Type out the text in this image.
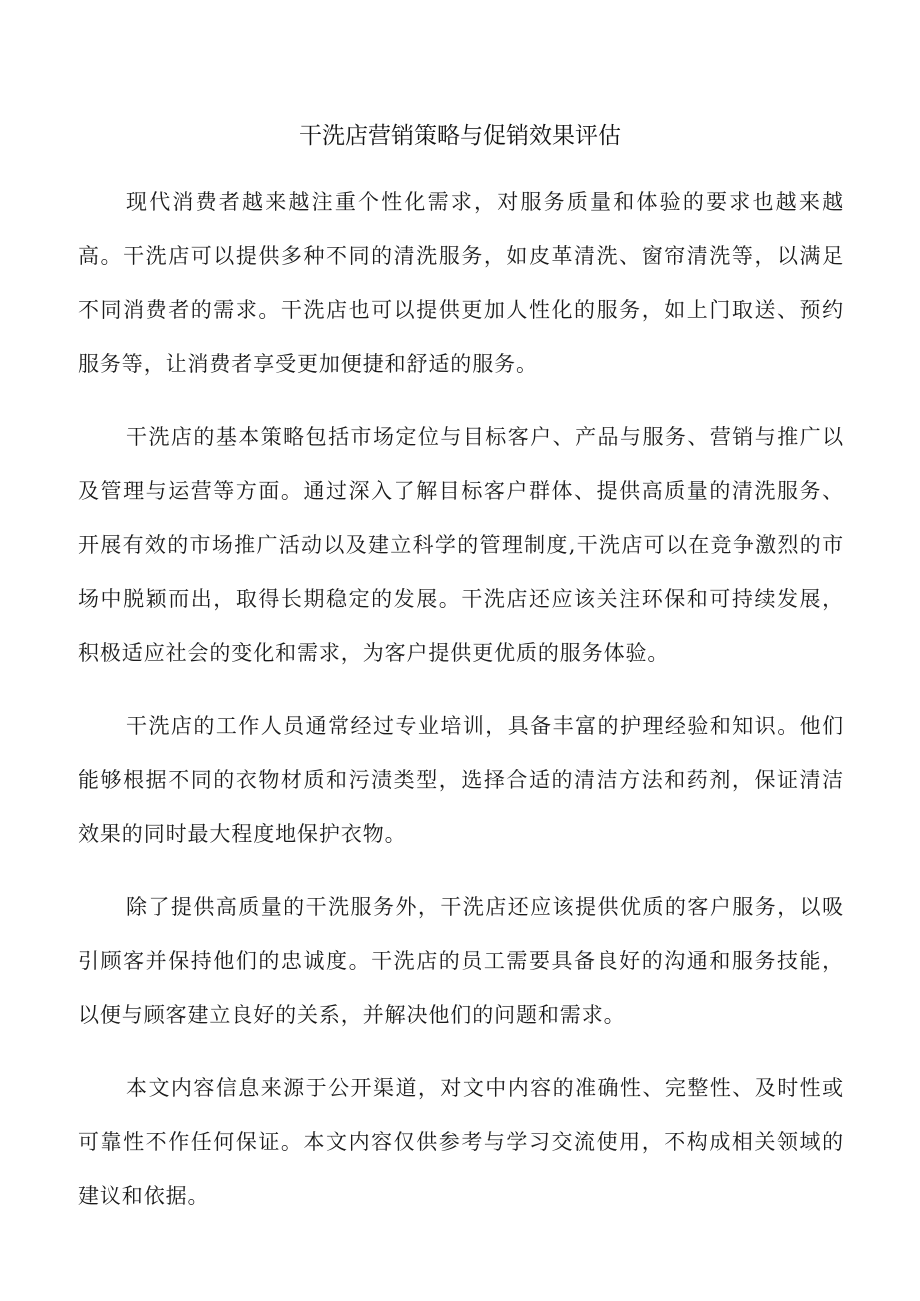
干洗店营销策略与促销效果评估

现代消费者越来越注重个性化需求，对服务质量和体验的要求也越来越高。干洗店可以提供多种不同的清洗服务，如皮革清洗、窗帘清洗等，以满足不同消费者的需求。干洗店也可以提供更加人性化的服务，如上门取送、预约服务等，让消费者享受更加便捷和舒适的服务。

干洗店的基本策略包括市场定位与目标客户、产品与服务、营销与推广以及管理与运营等方面。通过深入了解目标客户群体、提供高质量的清洗服务、开展有效的市场推广活动以及建立科学的管理制度,干洗店可以在竞争激烈的市场中脱颖而出，取得长期稳定的发展。干洗店还应该关注环保和可持续发展，积极适应社会的变化和需求，为客户提供更优质的服务体验。

干洗店的工作人员通常经过专业培训，具备丰富的护理经验和知识。他们能够根据不同的衣物材质和污渍类型，选择合适的清洁方法和药剂，保证清洁效果的同时最大程度地保护衣物。

除了提供高质量的干洗服务外，干洗店还应该提供优质的客户服务，以吸引顾客并保持他们的忠诚度。干洗店的员工需要具备良好的沟通和服务技能，以便与顾客建立良好的关系，并解决他们的问题和需求。

本文内容信息来源于公开渠道，对文中内容的准确性、完整性、及时性或可靠性不作任何保证。本文内容仅供参考与学习交流使用，不构成相关领域的建议和依据。
